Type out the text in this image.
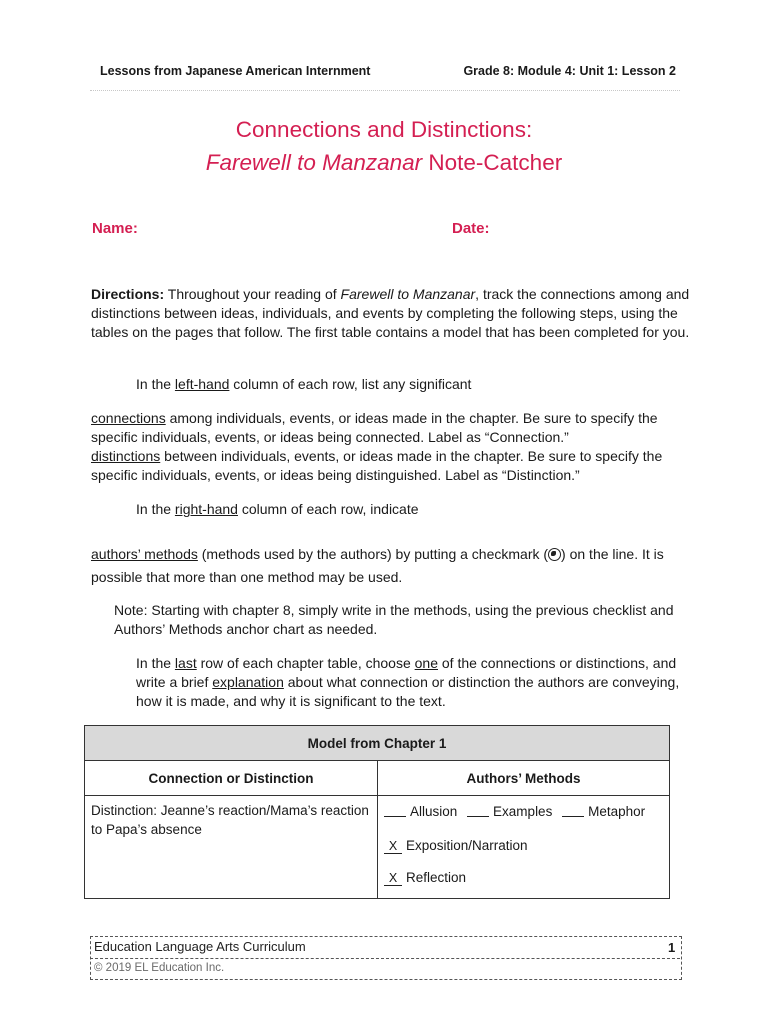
Lessons from Japanese American Internment	Grade 8: Module 4: Unit 1: Lesson 2
Connections and Distinctions:
Farewell to Manzanar Note-Catcher
Name:	Date:
Directions: Throughout your reading of Farewell to Manzanar, track the connections among and distinctions between ideas, individuals, and events by completing the following steps, using the tables on the pages that follow. The first table contains a model that has been completed for you.
In the left-hand column of each row, list any significant
connections among individuals, events, or ideas made in the chapter. Be sure to specify the specific individuals, events, or ideas being connected. Label as “Connection.”
distinctions between individuals, events, or ideas made in the chapter. Be sure to specify the specific individuals, events, or ideas being distinguished. Label as “Distinction.”
In the right-hand column of each row, indicate
authors’ methods (methods used by the authors) by putting a checkmark ( ) on the line. It is possible that more than one method may be used.
Note: Starting with chapter 8, simply write in the methods, using the previous checklist and Authors’ Methods anchor chart as needed.
In the last row of each chapter table, choose one of the connections or distinctions, and write a brief explanation about what connection or distinction the authors are conveying, how it is made, and why it is significant to the text.
Model from Chapter 1	
Connection or Distinction	Authors’ Methods
Distinction: Jeanne’s reaction/Mama’s reaction to Papa’s absence	Allusion Examples Metaphor
X Exposition/Narration
X Reflection
Education Language Arts Curriculum	1
© 2019 EL Education Inc.
